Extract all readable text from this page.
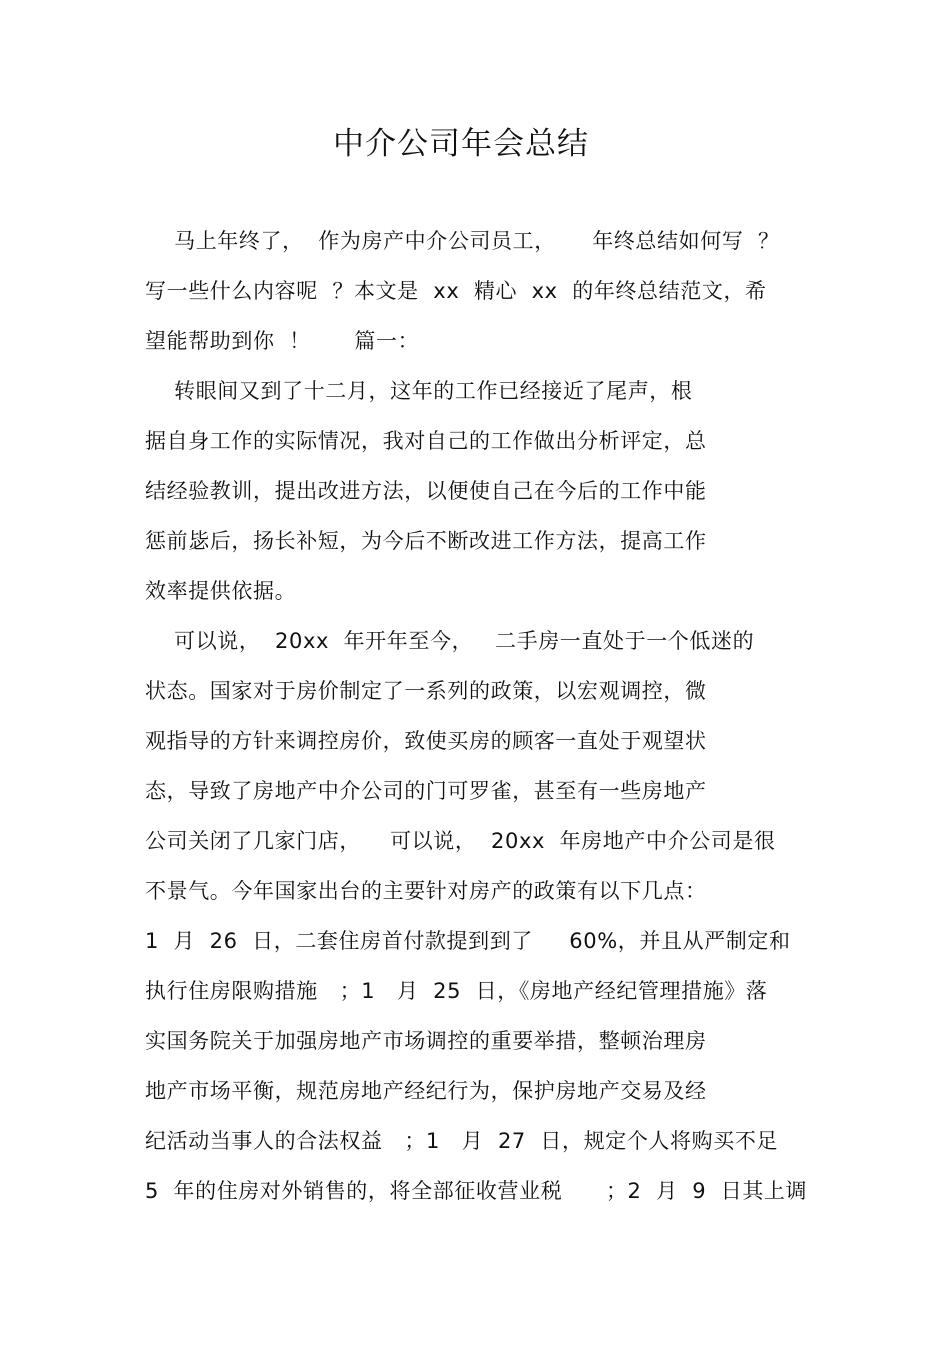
中介公司年会总结
马上年终了，  作为房产中介公司员工，     年终总结如何写  ？
写一些什么内容呢  ？本文是  xx  精心  xx  的年终总结范文，希
望能帮助到你  ！      篇一：
转眼间又到了十二月，这年的工作已经接近了尾声，根
据自身工作的实际情况，我对自己的工作做出分析评定，总
结经验教训，提出改进方法，以便使自己在今后的工作中能
惩前毖后，扬长补短，为今后不断改进工作方法，提高工作
效率提供依据。
可以说，  20xx  年开年至今，   二手房一直处于一个低迷的
状态。国家对于房价制定了一系列的政策，以宏观调控，微
观指导的方针来调控房价，致使买房的顾客一直处于观望状
态，导致了房地产中介公司的门可罗雀，甚至有一些房地产
公司关闭了几家门店，    可以说，  20xx  年房地产中介公司是很
不景气。今年国家出台的主要针对房产的政策有以下几点：
1  月  26  日，二套住房首付款提到到了     60%，并且从严制定和
执行住房限购措施   ；1   月  25  日，《房地产经纪管理措施》落
实国务院关于加强房地产市场调控的重要举措，整顿治理房
地产市场平衡，规范房地产经纪行为，保护房地产交易及经
纪活动当事人的合法权益   ；1   月  27  日，规定个人将购买不足
5  年的住房对外销售的，将全部征收营业税      ；2  月  9  日其上调
